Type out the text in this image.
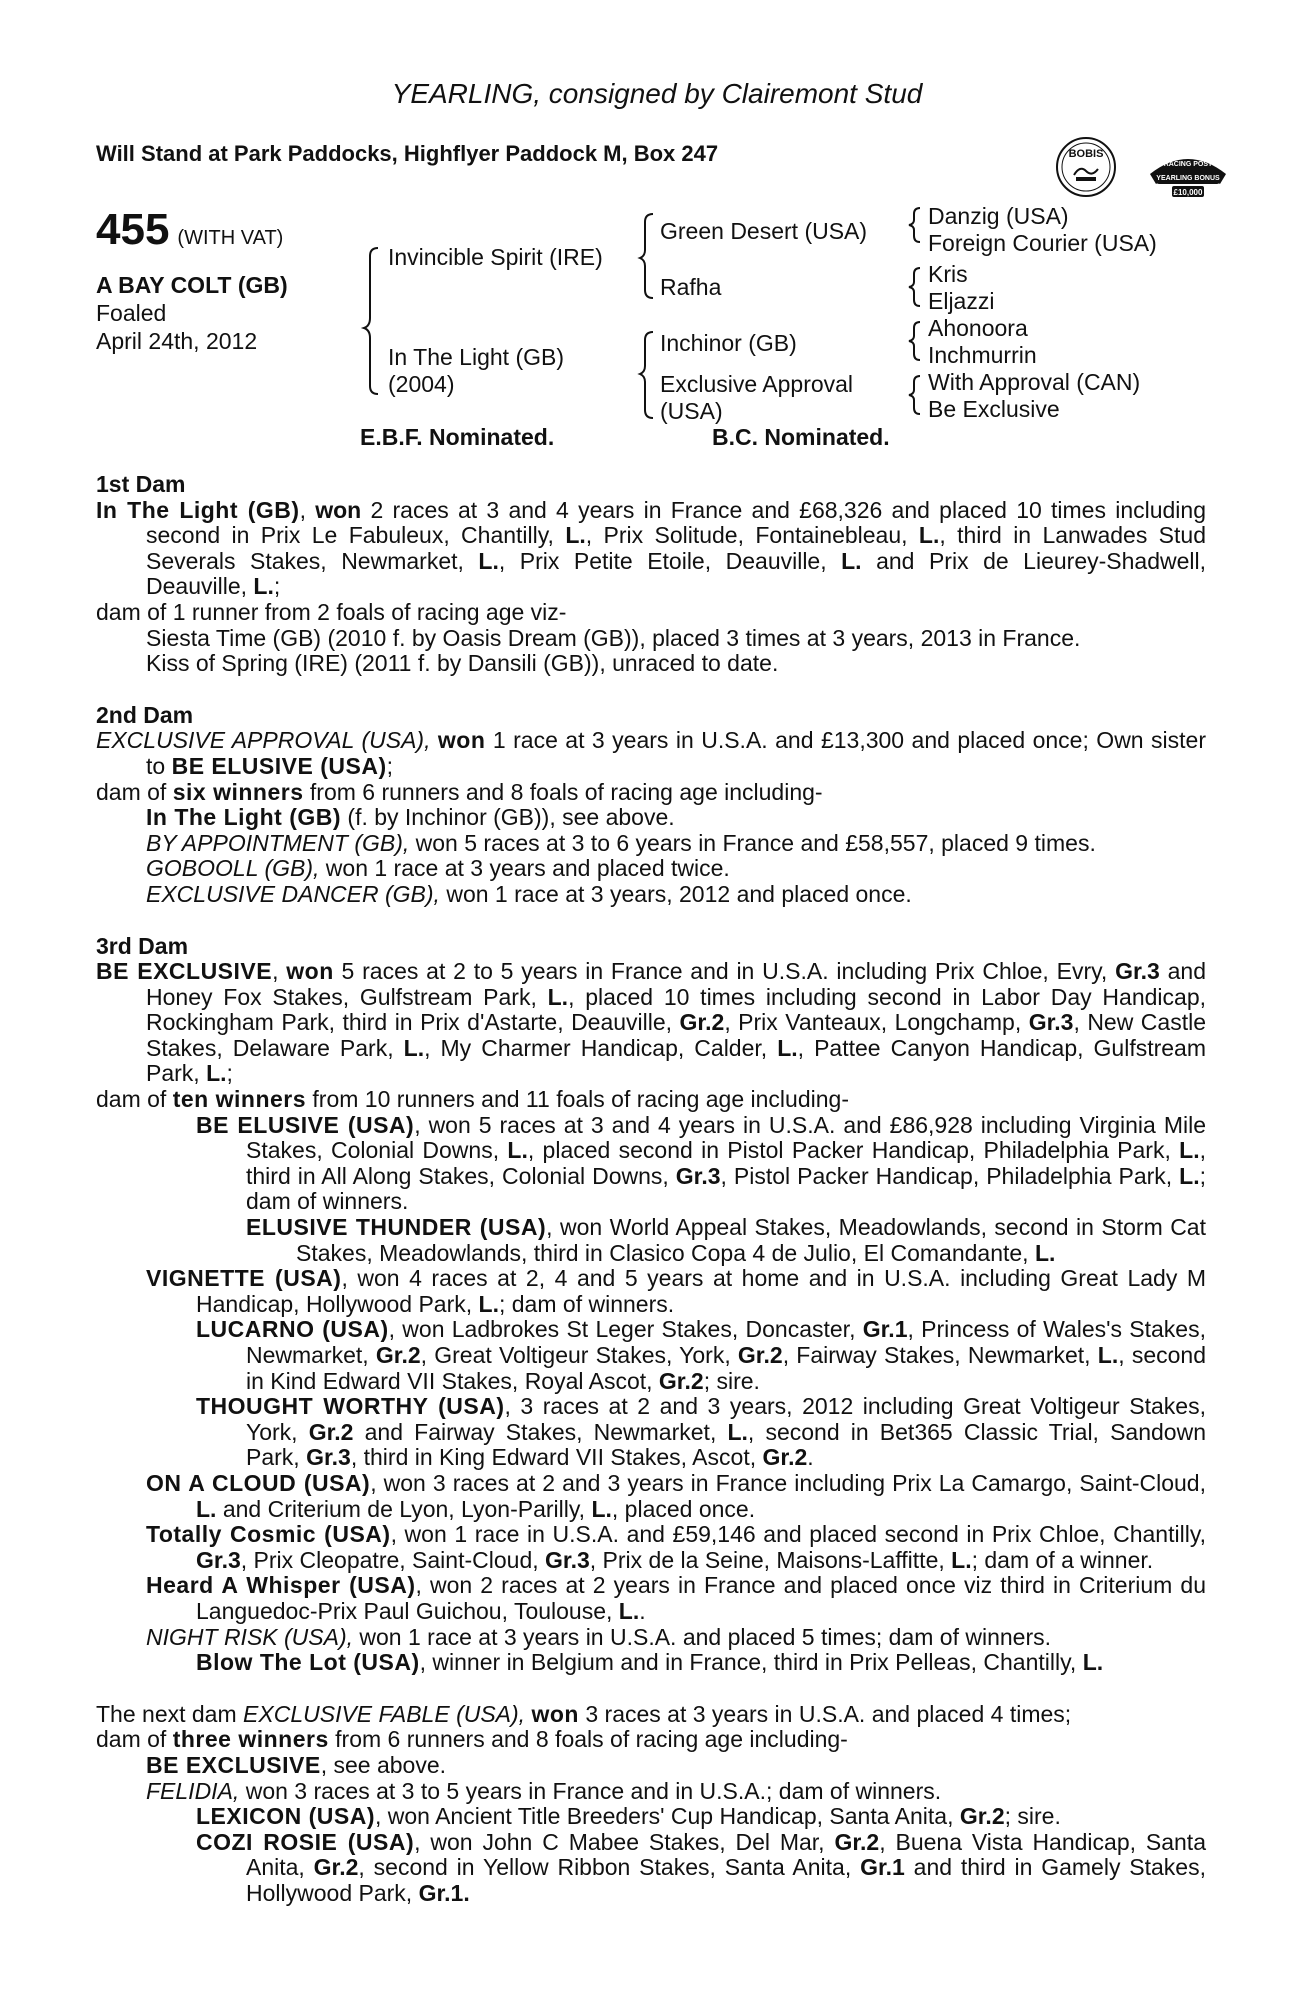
YEARLING, consigned by Clairemont Stud
Will Stand at Park Paddocks, Highflyer Paddock M, Box 247	BOBIS
RACING POST
YEARLING BONUS
£10,000
455 (WITH VAT)
A BAY COLT (GB)
Foaled
April 24th, 2012
Invincible Spirit (IRE)
In The Light (GB)
(2004)
Green Desert (USA)
Rafha
Inchinor (GB)
Exclusive Approval
(USA)
Danzig (USA)
Foreign Courier (USA)
Kris
Eljazzi
Ahonoora
Inchmurrin
With Approval (CAN)
Be Exclusive
E.B.F. Nominated.	B.C. Nominated.
1st Dam
In The Light (GB), won 2 races at 3 and 4 years in France and £68,326 and placed 10 times including second in Prix Le Fabuleux, Chantilly, L., Prix Solitude, Fontainebleau, L., third in Lanwades Stud Severals Stakes, Newmarket, L., Prix Petite Etoile, Deauville, L. and Prix de Lieurey-Shadwell, Deauville, L.;
dam of 1 runner from 2 foals of racing age viz-
Siesta Time (GB) (2010 f. by Oasis Dream (GB)), placed 3 times at 3 years, 2013 in France.
Kiss of Spring (IRE) (2011 f. by Dansili (GB)), unraced to date.
2nd Dam
EXCLUSIVE APPROVAL (USA), won 1 race at 3 years in U.S.A. and £13,300 and placed once; Own sister to BE ELUSIVE (USA);
dam of six winners from 6 runners and 8 foals of racing age including-
In The Light (GB) (f. by Inchinor (GB)), see above.
BY APPOINTMENT (GB), won 5 races at 3 to 6 years in France and £58,557, placed 9 times.
GOBOOLL (GB), won 1 race at 3 years and placed twice.
EXCLUSIVE DANCER (GB), won 1 race at 3 years, 2012 and placed once.
3rd Dam
BE EXCLUSIVE, won 5 races at 2 to 5 years in France and in U.S.A. including Prix Chloe, Evry, Gr.3 and Honey Fox Stakes, Gulfstream Park, L., placed 10 times including second in Labor Day Handicap, Rockingham Park, third in Prix d'Astarte, Deauville, Gr.2, Prix Vanteaux, Longchamp, Gr.3, New Castle Stakes, Delaware Park, L., My Charmer Handicap, Calder, L., Pattee Canyon Handicap, Gulfstream Park, L.;
dam of ten winners from 10 runners and 11 foals of racing age including-
BE ELUSIVE (USA), won 5 races at 3 and 4 years in U.S.A. and £86,928 including Virginia Mile Stakes, Colonial Downs, L., placed second in Pistol Packer Handicap, Philadelphia Park, L., third in All Along Stakes, Colonial Downs, Gr.3, Pistol Packer Handicap, Philadelphia Park, L.; dam of winners.
ELUSIVE THUNDER (USA), won World Appeal Stakes, Meadowlands, second in Storm Cat Stakes, Meadowlands, third in Clasico Copa 4 de Julio, El Comandante, L.
VIGNETTE (USA), won 4 races at 2, 4 and 5 years at home and in U.S.A. including Great Lady M Handicap, Hollywood Park, L.; dam of winners.
LUCARNO (USA), won Ladbrokes St Leger Stakes, Doncaster, Gr.1, Princess of Wales's Stakes, Newmarket, Gr.2, Great Voltigeur Stakes, York, Gr.2, Fairway Stakes, Newmarket, L., second in Kind Edward VII Stakes, Royal Ascot, Gr.2; sire.
THOUGHT WORTHY (USA), 3 races at 2 and 3 years, 2012 including Great Voltigeur Stakes, York, Gr.2 and Fairway Stakes, Newmarket, L., second in Bet365 Classic Trial, Sandown Park, Gr.3, third in King Edward VII Stakes, Ascot, Gr.2.
ON A CLOUD (USA), won 3 races at 2 and 3 years in France including Prix La Camargo, Saint-Cloud, L. and Criterium de Lyon, Lyon-Parilly, L., placed once.
Totally Cosmic (USA), won 1 race in U.S.A. and £59,146 and placed second in Prix Chloe, Chantilly, Gr.3, Prix Cleopatre, Saint-Cloud, Gr.3, Prix de la Seine, Maisons-Laffitte, L.; dam of a winner.
Heard A Whisper (USA), won 2 races at 2 years in France and placed once viz third in Criterium du Languedoc-Prix Paul Guichou, Toulouse, L..
NIGHT RISK (USA), won 1 race at 3 years in U.S.A. and placed 5 times; dam of winners.
Blow The Lot (USA), winner in Belgium and in France, third in Prix Pelleas, Chantilly, L.
The next dam EXCLUSIVE FABLE (USA), won 3 races at 3 years in U.S.A. and placed 4 times;
dam of three winners from 6 runners and 8 foals of racing age including-
BE EXCLUSIVE, see above.
FELIDIA, won 3 races at 3 to 5 years in France and in U.S.A.; dam of winners.
LEXICON (USA), won Ancient Title Breeders' Cup Handicap, Santa Anita, Gr.2; sire.
COZI ROSIE (USA), won John C Mabee Stakes, Del Mar, Gr.2, Buena Vista Handicap, Santa Anita, Gr.2, second in Yellow Ribbon Stakes, Santa Anita, Gr.1 and third in Gamely Stakes, Hollywood Park, Gr.1.
